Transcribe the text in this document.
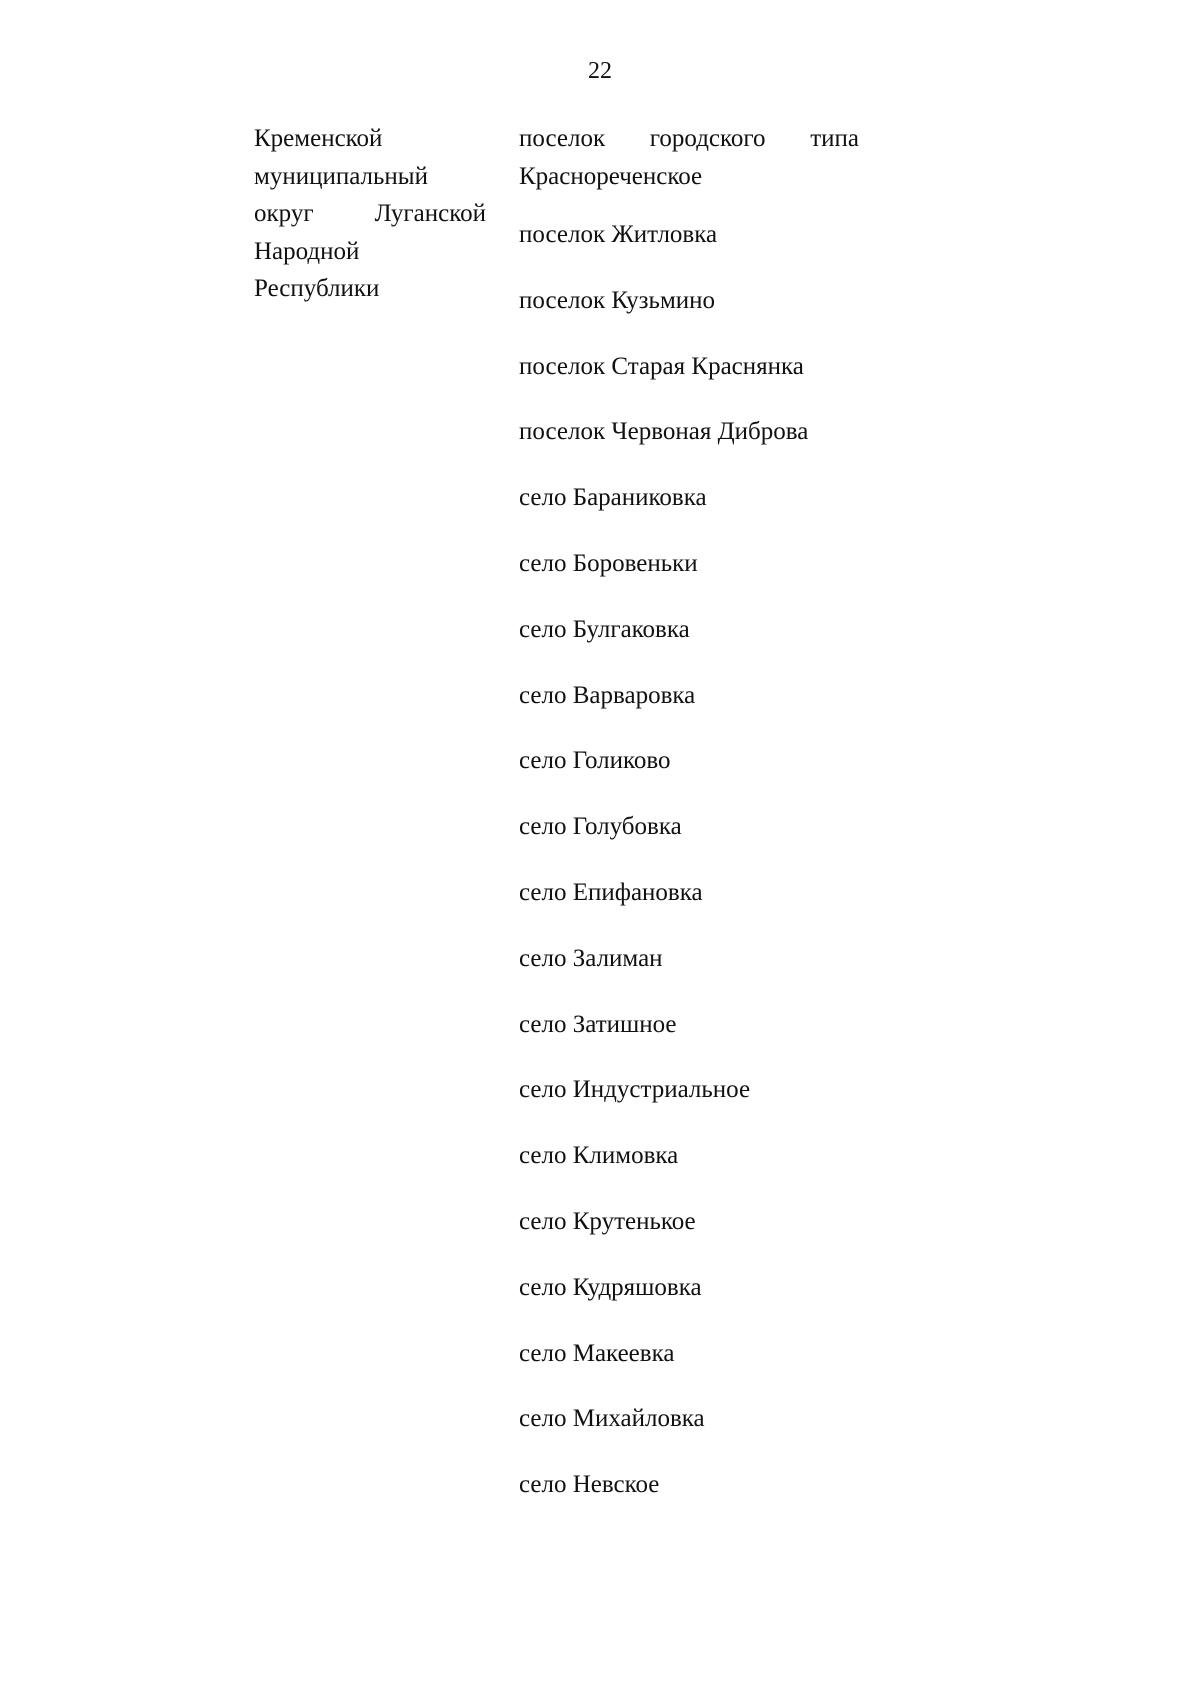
22
Кременской
муниципальный
округ Луганской
Народной
Республики
поселок городского типа
Краснореченское
поселок Житловка
поселок Кузьмино
поселок Старая Краснянка
поселок Червоная Диброва
село Бараниковка
село Боровеньки
село Булгаковка
село Варваровка
село Голиково
село Голубовка
село Епифановка
село Залиман
село Затишное
село Индустриальное
село Климовка
село Крутенькое
село Кудряшовка
село Макеевка
село Михайловка
село Невское
